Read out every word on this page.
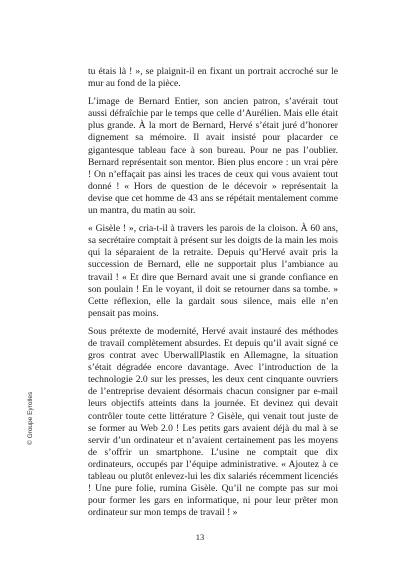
tu étais là ! », se plaignit-il en fixant un portrait accroché sur le mur au fond de la pièce.

L’image de Bernard Entier, son ancien patron, s’avérait tout aussi défraîchie par le temps que celle d’Aurélien. Mais elle était plus grande. À la mort de Bernard, Hervé s’était juré d’honorer dignement sa mémoire. Il avait insisté pour placarder ce gigantesque tableau face à son bureau. Pour ne pas l’oublier. Bernard représentait son mentor. Bien plus encore : un vrai père ! On n’effaçait pas ainsi les traces de ceux qui vous avaient tout donné ! « Hors de question de le décevoir » représentait la devise que cet homme de 43 ans se répétait mentalement comme un mantra, du matin au soir.

« Gisèle ! », cria-t-il à travers les parois de la cloison. À 60 ans, sa secrétaire comptait à présent sur les doigts de la main les mois qui la séparaient de la retraite. Depuis qu’Hervé avait pris la succession de Bernard, elle ne supportait plus l’ambiance au travail ! « Et dire que Bernard avait une si grande confiance en son poulain ! En le voyant, il doit se retourner dans sa tombe. » Cette réflexion, elle la gardait sous silence, mais elle n’en pensait pas moins.

Sous prétexte de modernité, Hervé avait instauré des méthodes de travail complètement absurdes. Et depuis qu’il avait signé ce gros contrat avec UberwallPlastik en Allemagne, la situation s’était dégradée encore davantage. Avec l’introduction de la technologie 2.0 sur les presses, les deux cent cinquante ouvriers de l’entreprise devaient désormais chacun consigner par e-mail leurs objectifs atteints dans la journée. Et devinez qui devait contrôler toute cette littérature ? Gisèle, qui venait tout juste de se former au Web 2.0 ! Les petits gars avaient déjà du mal à se servir d’un ordinateur et n’avaient certainement pas les moyens de s’offrir un smartphone. L’usine ne comptait que dix ordinateurs, occupés par l’équipe administrative. « Ajoutez à ce tableau ou plutôt enlevez-lui les dix salariés récemment licenciés ! Une pure folie, rumina Gisèle. Qu’il ne compte pas sur moi pour former les gars en informatique, ni pour leur prêter mon ordinateur sur mon temps de travail ! »

© Groupe Eyrolles
13
